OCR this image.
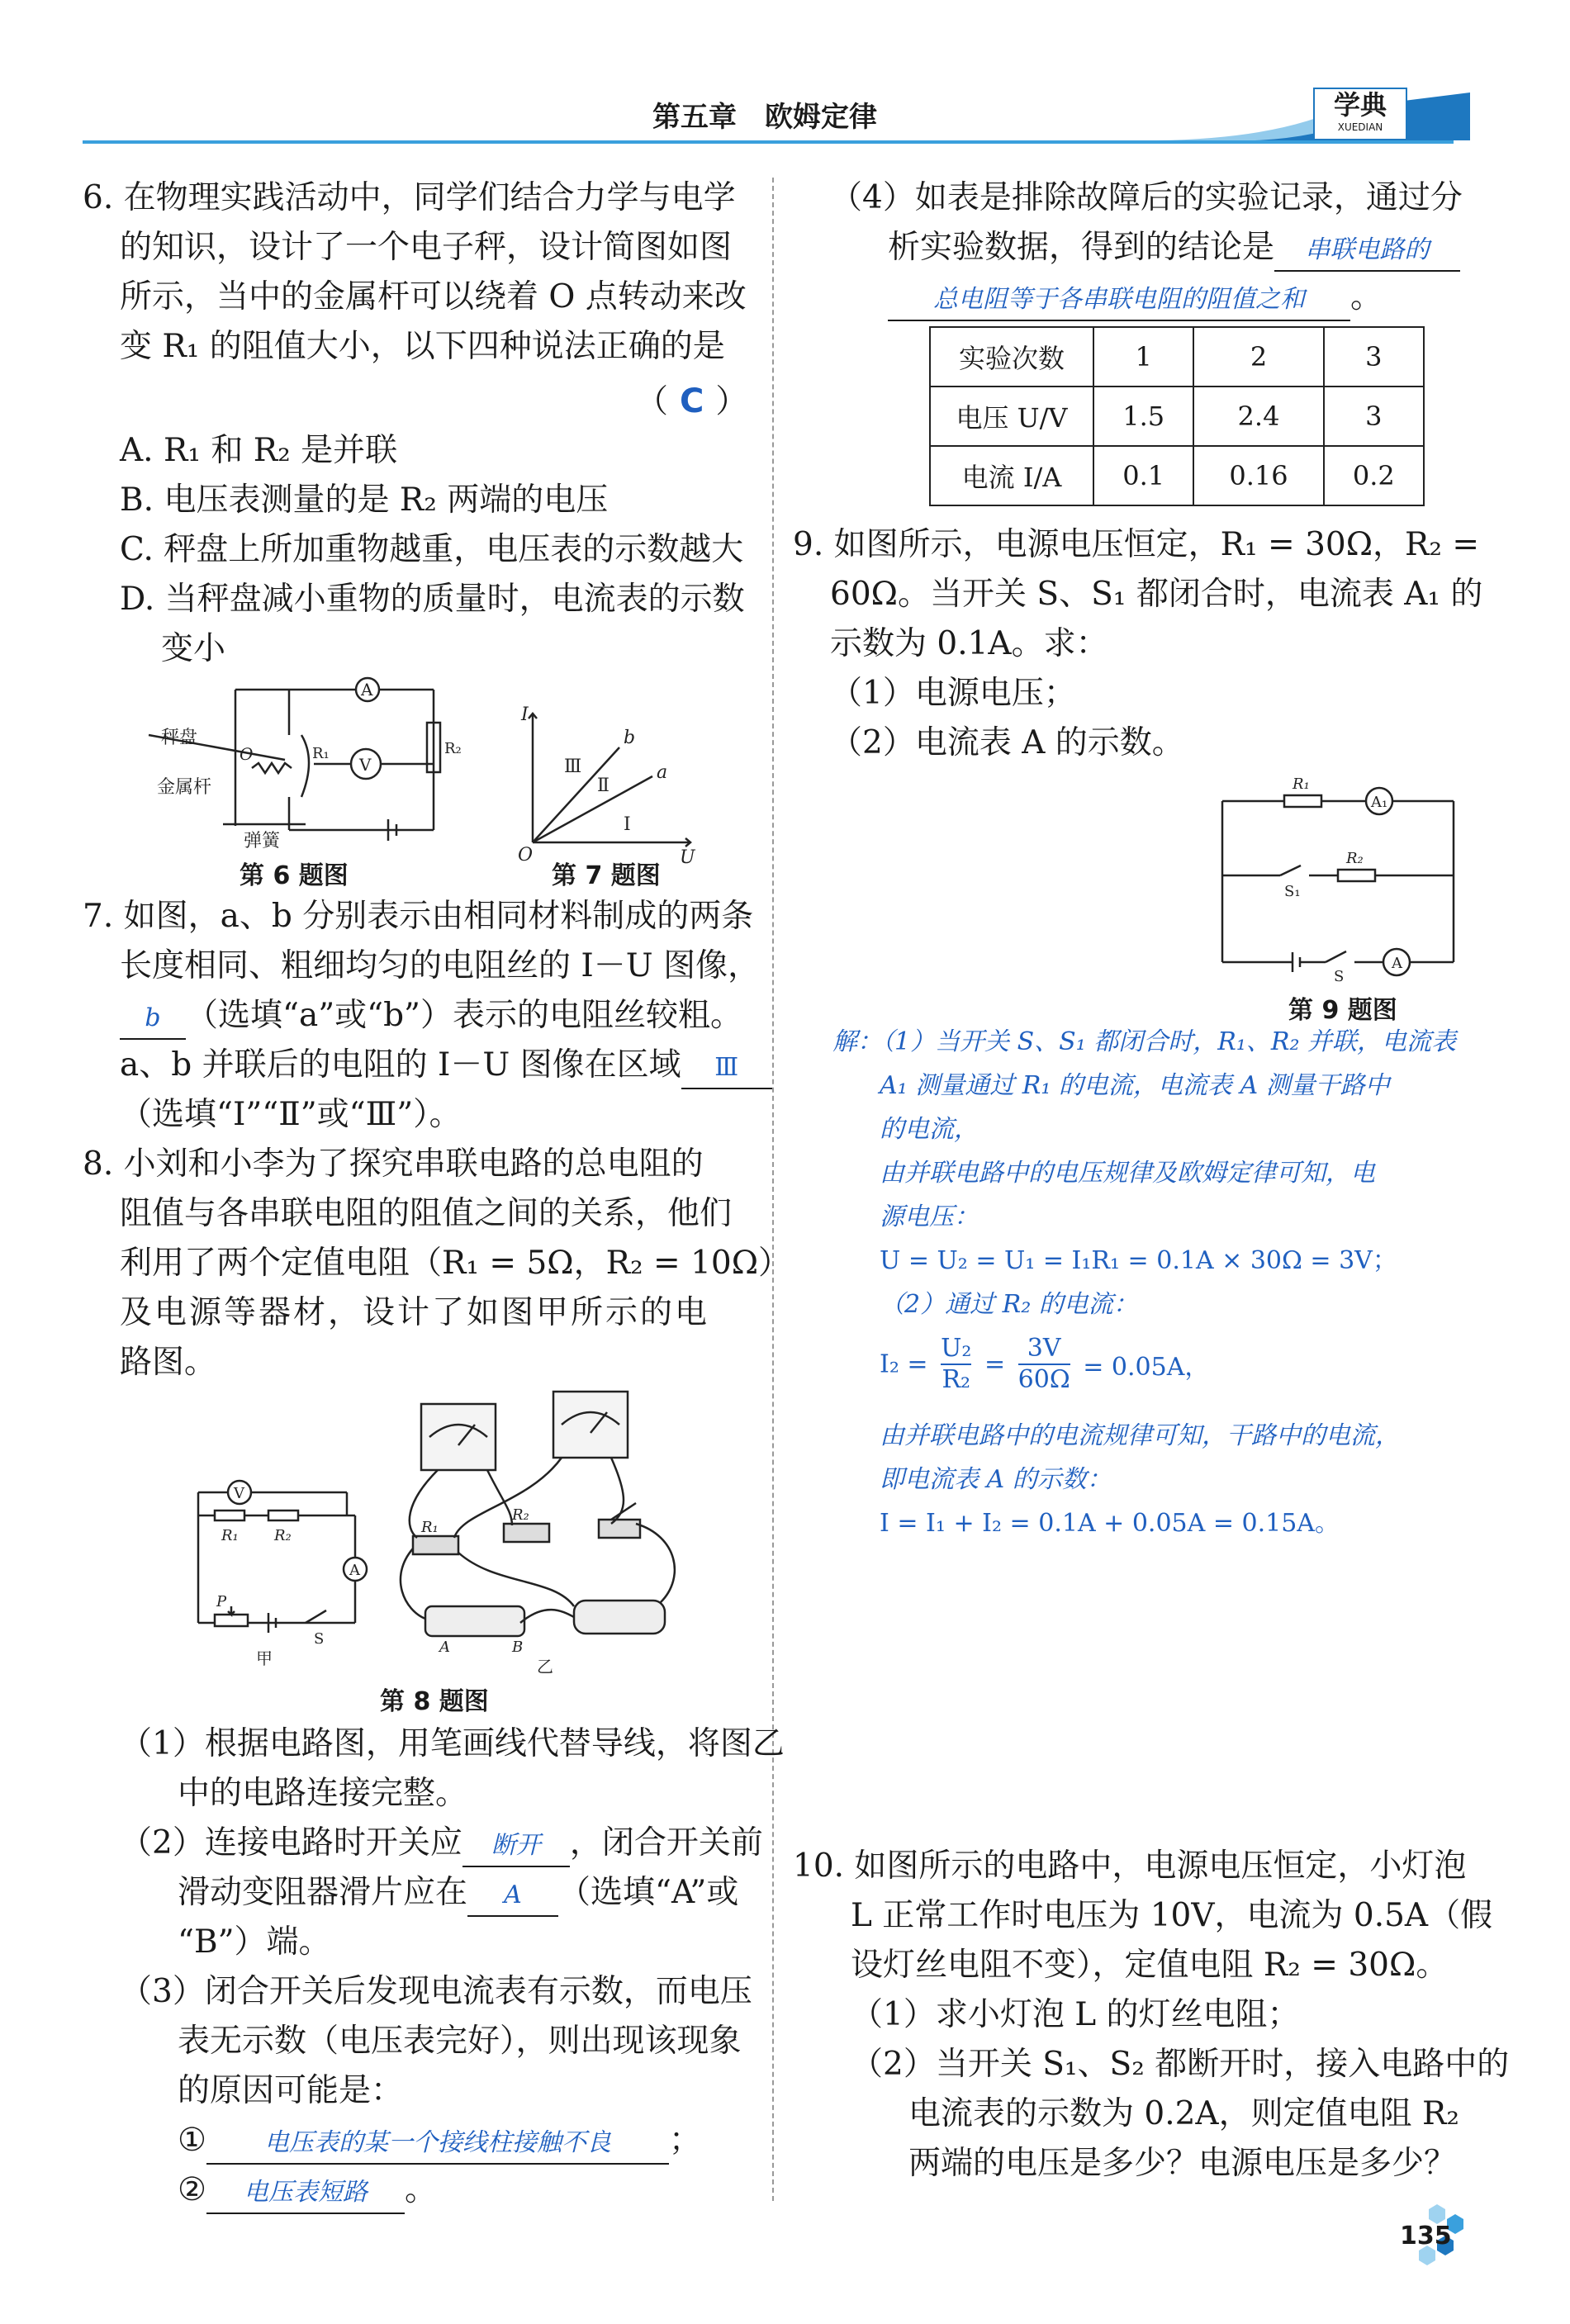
第五章　欧姆定律	学典
XUEDIAN
6. 在物理实践活动中，同学们结合力学与电学
的知识，设计了一个电子秤，设计简图如图
所示，当中的金属杆可以绕着 O 点转动来改
变 R₁ 的阻值大小，以下四种说法正确的是
（ C ）
A. R₁ 和 R₂ 是并联
B. 电压表测量的是 R₂ 两端的电压
C. 秤盘上所加重物越重，电压表的示数越大
D. 当秤盘减小重物的质量时，电流表的示数
变小
A
V
R₁	R₂
O
秤盘
金属杆
弹簧
第 6 题图
I
U
O
b
a
Ⅲ
Ⅱ
Ⅰ
第 7 题图
7. 如图，a、b 分别表示由相同材料制成的两条
长度相同、粗细均匀的电阻丝的 I－U 图像，
b （选填“a”或“b”）表示的电阻丝较粗。
a、b 并联后的电阻的 I－U 图像在区域 Ⅲ
（选填“Ⅰ”“Ⅱ”或“Ⅲ”）。
8. 小刘和小李为了探究串联电路的总电阻的
阻值与各串联电阻的阻值之间的关系，他们
利用了两个定值电阻（R₁ = 5Ω，R₂ = 10Ω）
及电源等器材，设计了如图甲所示的电
路图。
V
R₁ R₂
A
P
S
甲
R₁
R₂
A	B
乙
第 8 题图
（1）根据电路图，用笔画线代替导线，将图乙
中的电路连接完整。
（2）连接电路时开关应 断开 ，闭合开关前
滑动变阻器滑片应在 A （选填“A”或
“B”）端。
（3）闭合开关后发现电流表有示数，而电压
表无示数（电压表完好），则出现该现象
的原因可能是：
① 电压表的某一个接线柱接触不良 ；
② 电压表短路 。
（4）如表是排除故障后的实验记录，通过分
析实验数据，得到的结论是 串联电路的
总电阻等于各串联电阻的阻值之和 。
实验次数	1	2	3
电压 U/V	1.5	2.4	3
电流 I/A	0.1	0.16	0.2
9. 如图所示，电源电压恒定，R₁ = 30Ω，R₂ =
60Ω。当开关 S、S₁ 都闭合时，电流表 A₁ 的
示数为 0.1A。求：
（1）电源电压；
（2）电流表 A 的示数。
R₁
A₁
S₁
R₂
S
A
第 9 题图
解：（1）当开关 S、S₁ 都闭合时，R₁、R₂ 并联，电流表
A₁ 测量通过 R₁ 的电流，电流表 A 测量干路中
的电流，
由并联电路中的电压规律及欧姆定律可知，电
源电压：
U = U₂ = U₁ = I₁R₁ = 0.1A × 30Ω = 3V；
（2）通过 R₂ 的电流：
$I_2 = \frac{\text{U₂}}{\text{R₂}} = \frac{3V}{60\Omega} = 0.05A$，
由并联电路中的电流规律可知，干路中的电流，
即电流表 A 的示数：
I = I₁ + I₂ = 0.1A + 0.05A = 0.15A。
10. 如图所示的电路中，电源电压恒定，小灯泡
L 正常工作时电压为 10V，电流为 0.5A（假
设灯丝电阻不变），定值电阻 R₂ = 30Ω。
（1）求小灯泡 L 的灯丝电阻；
（2）当开关 S₁、S₂ 都断开时，接入电路中的
电流表的示数为 0.2A，则定值电阻 R₂
两端的电压是多少？电源电压是多少？
135
